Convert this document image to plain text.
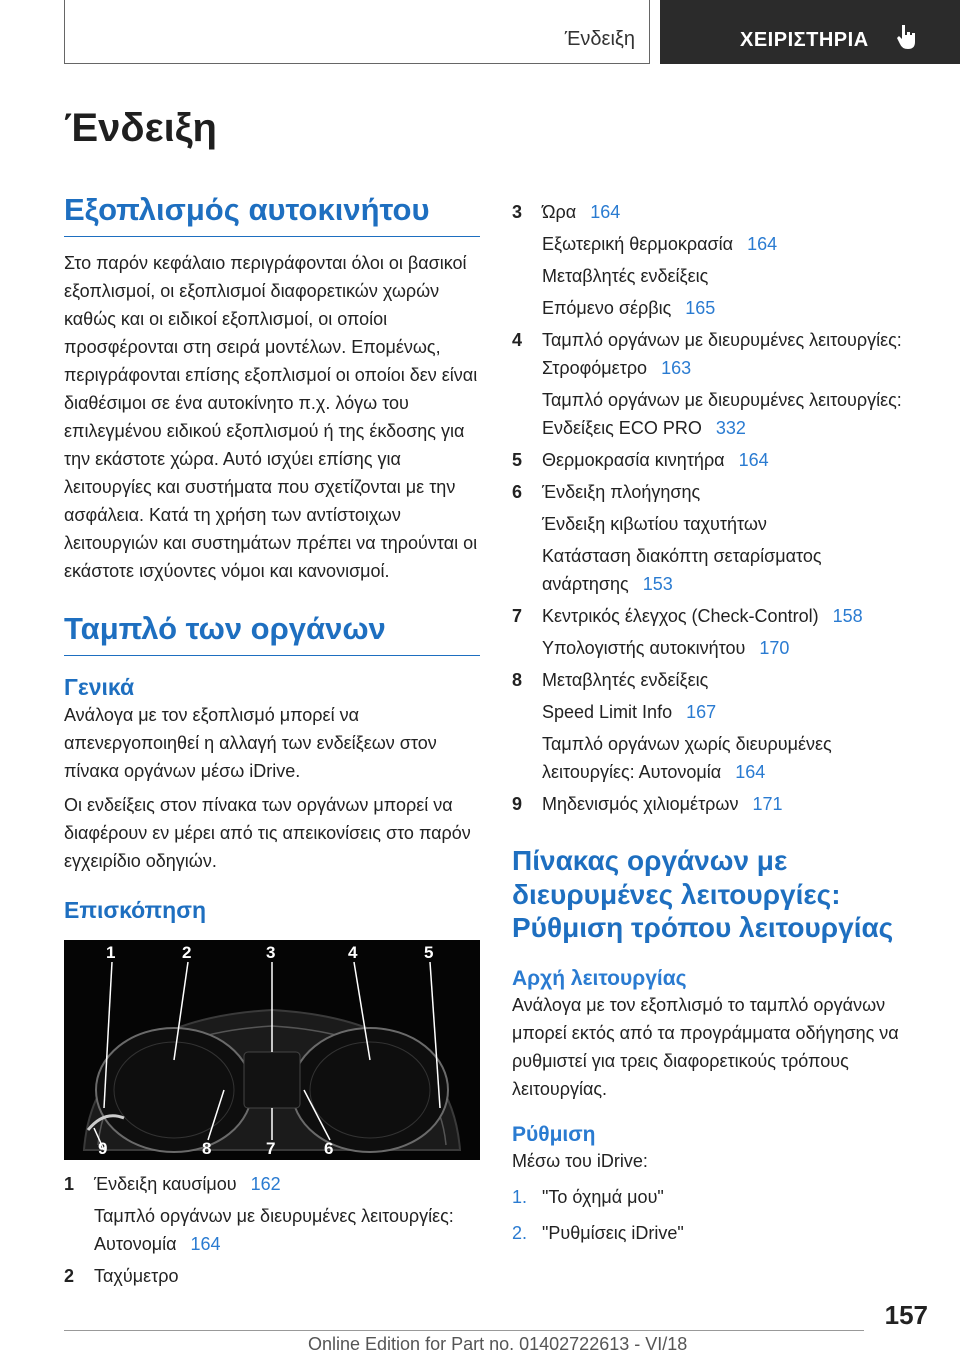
Ένδειξη	ΧΕΙΡΙΣΤΗΡΙΑ
Ένδειξη
Εξοπλισμός αυτοκινήτου
Στο παρόν κεφάλαιο περιγράφονται όλοι οι βασικοί εξοπλισμοί, οι εξοπλισμοί διαφορετικών χωρών καθώς και οι ειδικοί εξοπλισμοί, οι οποίοι προσφέρονται στη σειρά μοντέλων. Επομένως, περιγράφονται επίσης εξοπλισμοί οι οποίοι δεν είναι διαθέσιμοι σε ένα αυτοκίνητο π.χ. λόγω του επιλεγμένου ειδικού εξοπλισμού ή της έκδοσης για την εκάστοτε χώρα. Αυτό ισχύει επίσης για λειτουργίες και συστήματα που σχετίζονται με την ασφάλεια. Κατά τη χρήση των αντίστοιχων λειτουργιών και συστημάτων πρέπει να τηρούνται οι εκάστοτε ισχύοντες νόμοι και κανονισμοί.
Ταμπλό των οργάνων
Γενικά
Ανάλογα με τον εξοπλισμό μπορεί να απενεργοποιηθεί η αλλαγή των ενδείξεων στον πίνακα οργάνων μέσω iDrive.
Οι ενδείξεις στον πίνακα των οργάνων μπορεί να διαφέρουν εν μέρει από τις απεικονίσεις στο παρόν εγχειρίδιο οδηγιών.
Επισκόπηση
1	2	3	4	5
9	8	7	6
1	Ένδειξη καυσίμου 162
Ταμπλό οργάνων με διευρυμένες λειτουργίες: Αυτονομία 164
2	Ταχύμετρο
3	Ώρα 164
Εξωτερική θερμοκρασία 164
Μεταβλητές ενδείξεις
Επόμενο σέρβις 165
4	Ταμπλό οργάνων με διευρυμένες λειτουργίες: Στροφόμετρο 163
Ταμπλό οργάνων με διευρυμένες λειτουργίες: Ενδείξεις ECO PRO 332
5	Θερμοκρασία κινητήρα 164
6	Ένδειξη πλοήγησης
Ένδειξη κιβωτίου ταχυτήτων
Κατάσταση διακόπτη σεταρίσματος ανάρτησης 153
7	Κεντρικός έλεγχος (Check-Control) 158
Υπολογιστής αυτοκινήτου 170
8	Μεταβλητές ενδείξεις
Speed Limit Info 167
Ταμπλό οργάνων χωρίς διευρυμένες λειτουργίες: Αυτονομία 164
9	Μηδενισμός χιλιομέτρων 171
Πίνακας οργάνων με διευρυμένες λειτουργίες: Ρύθμιση τρόπου λειτουργίας
Αρχή λειτουργίας
Ανάλογα με τον εξοπλισμό το ταμπλό οργάνων μπορεί εκτός από τα προγράμματα οδήγησης να ρυθμιστεί για τρεις διαφορετικούς τρόπους λειτουργίας.
Ρύθμιση
Μέσω του iDrive:
1. "Το όχημά μου"
2. "Ρυθμίσεις iDrive"
157
Online Edition for Part no. 01402722613 - VI/18
